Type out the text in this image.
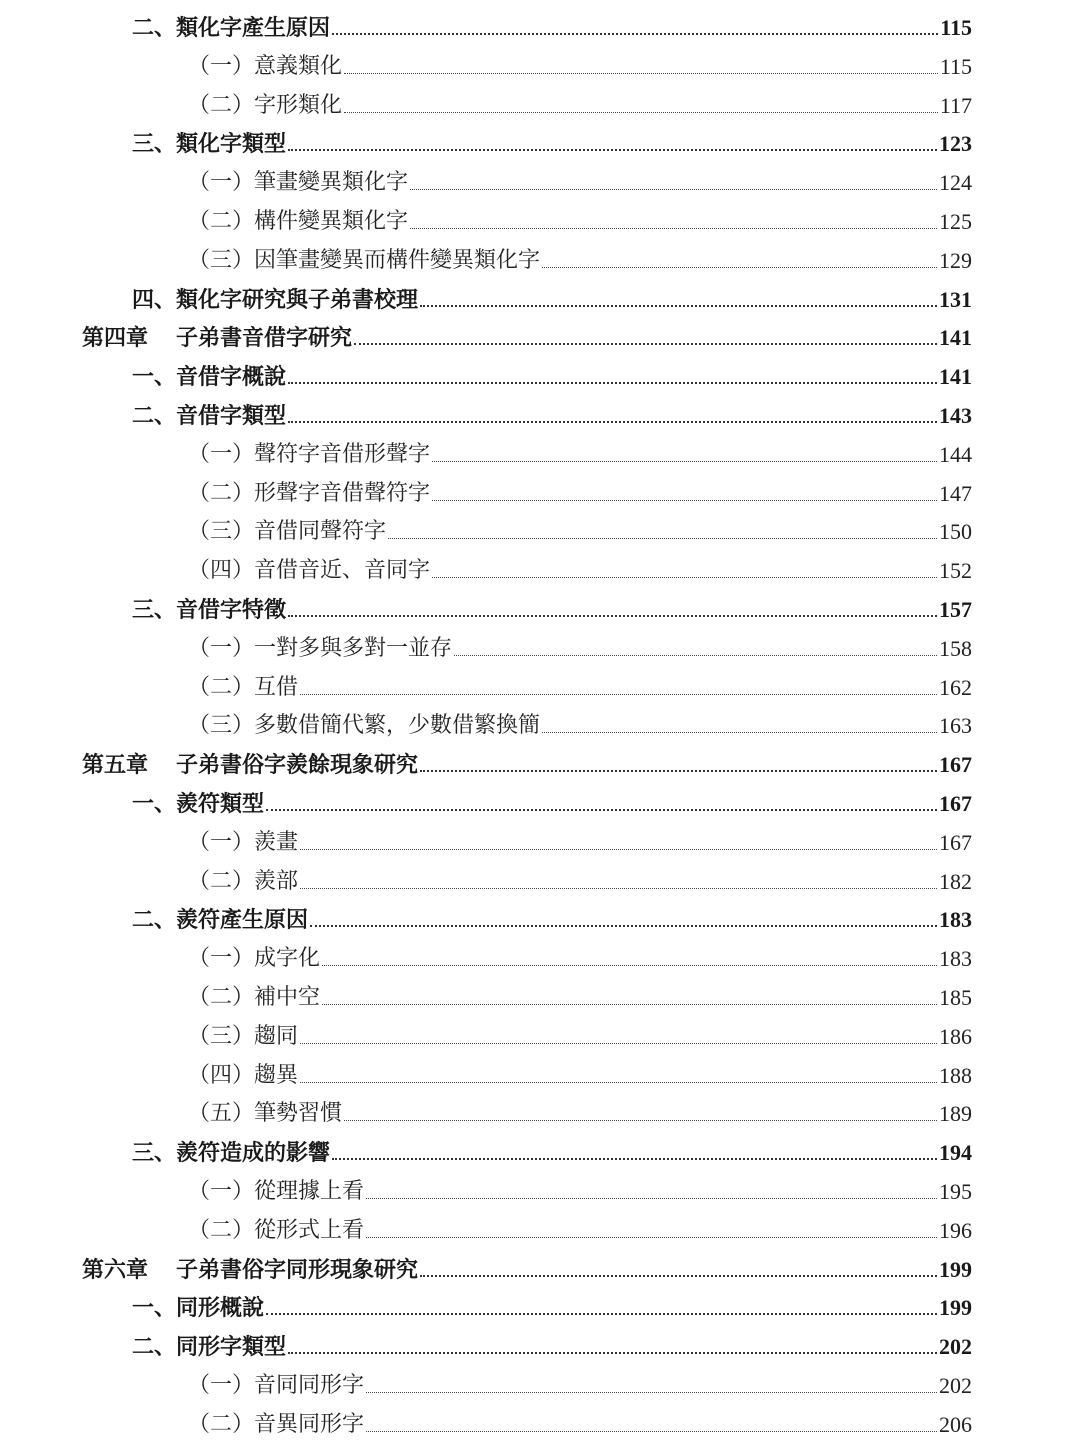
二、類化字產生原因	115
（一）意義類化	115
（二）字形類化	117
三、類化字類型	123
（一）筆畫變異類化字	124
（二）構件變異類化字	125
（三）因筆畫變異而構件變異類化字	129
四、類化字研究與子弟書校理	131
第四章 子弟書音借字研究	141
一、音借字概說	141
二、音借字類型	143
（一）聲符字音借形聲字	144
（二）形聲字音借聲符字	147
（三）音借同聲符字	150
（四）音借音近、音同字	152
三、音借字特徵	157
（一）一對多與多對一並存	158
（二）互借	162
（三）多數借簡代繁，少數借繁換簡	163
第五章 子弟書俗字羨餘現象研究	167
一、羨符類型	167
（一）羨畫	167
（二）羨部	182
二、羨符產生原因	183
（一）成字化	183
（二）補中空	185
（三）趨同	186
（四）趨異	188
（五）筆勢習慣	189
三、羨符造成的影響	194
（一）從理據上看	195
（二）從形式上看	196
第六章 子弟書俗字同形現象研究	199
一、同形概說	199
二、同形字類型	202
（一）音同同形字	202
（二）音異同形字	206
